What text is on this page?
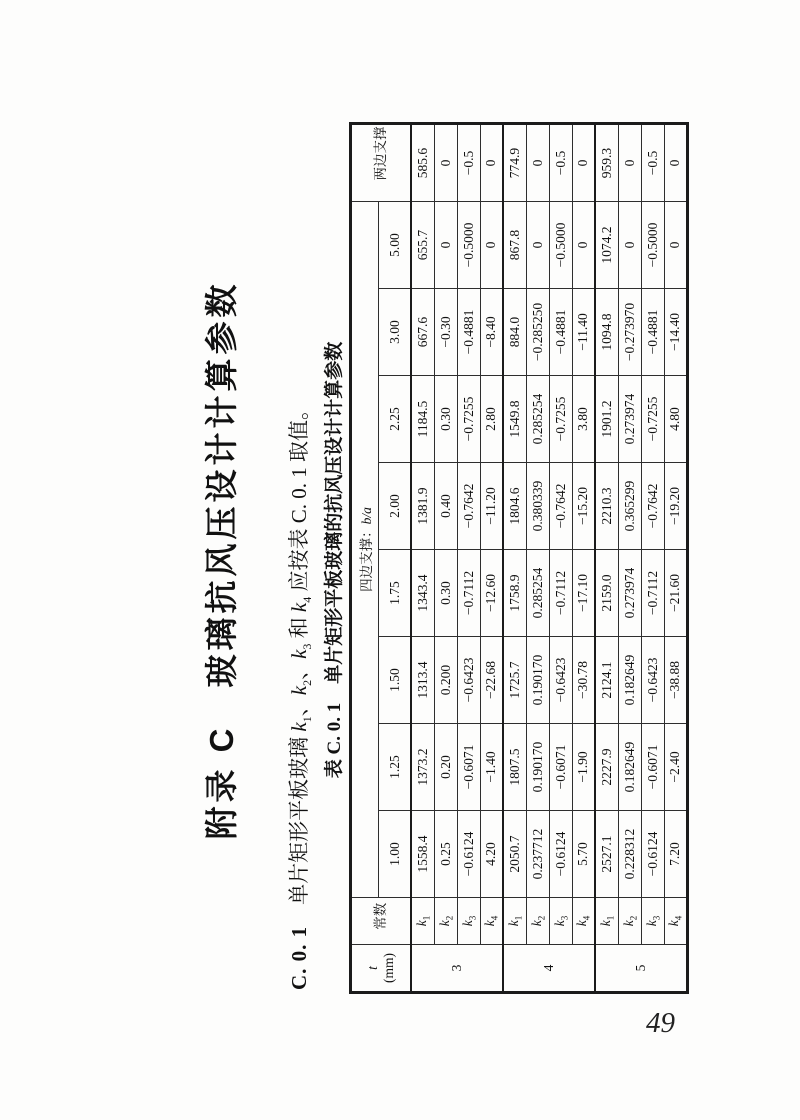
附录 C　玻璃抗风压设计计算参数
C. 0. 1　单片矩形平板玻璃 $k_1$、$k_2$、$k_3$ 和 $k_4$ 应按表 C. 0. 1 取值。 表 C. 0. 1　单片矩形平板玻璃的抗风压设计计算参数
t
(mm)	常数	四边支撑：b/a								两边支撑
		1.00	1.25	1.50	1.75	2.00	2.25	3.00	5.00	
3	$k_1$	1558.4	1373.2	1313.4	1343.4	1381.9	1184.5	667.6	655.7	585.6
	$k_2$	0.25	0.20	0.200	0.30	0.40	0.30	−0.30	0	0
	$k_3$	−0.6124	−0.6071	−0.6423	−0.7112	−0.7642	−0.7255	−0.4881	−0.5000	−0.5
	$k_4$	4.20	−1.40	−22.68	−12.60	−11.20	2.80	−8.40	0	0
4	$k_1$	2050.7	1807.5	1725.7	1758.9	1804.6	1549.8	884.0	867.8	774.9
	$k_2$	0.237712	0.190170	0.190170	0.285254	0.380339	0.285254	−0.285250	0	0
	$k_3$	−0.6124	−0.6071	−0.6423	−0.7112	−0.7642	−0.7255	−0.4881	−0.5000	−0.5
	$k_4$	5.70	−1.90	−30.78	−17.10	−15.20	3.80	−11.40	0	0
5	$k_1$	2527.1	2227.9	2124.1	2159.0	2210.3	1901.2	1094.8	1074.2	959.3
	$k_2$	0.228312	0.182649	0.182649	0.273974	0.365299	0.273974	−0.273970	0	0
	$k_3$	−0.6124	−0.6071	−0.6423	−0.7112	−0.7642	−0.7255	−0.4881	−0.5000	−0.5
	$k_4$	7.20	−2.40	−38.88	−21.60	−19.20	4.80	−14.40	0	0
49
